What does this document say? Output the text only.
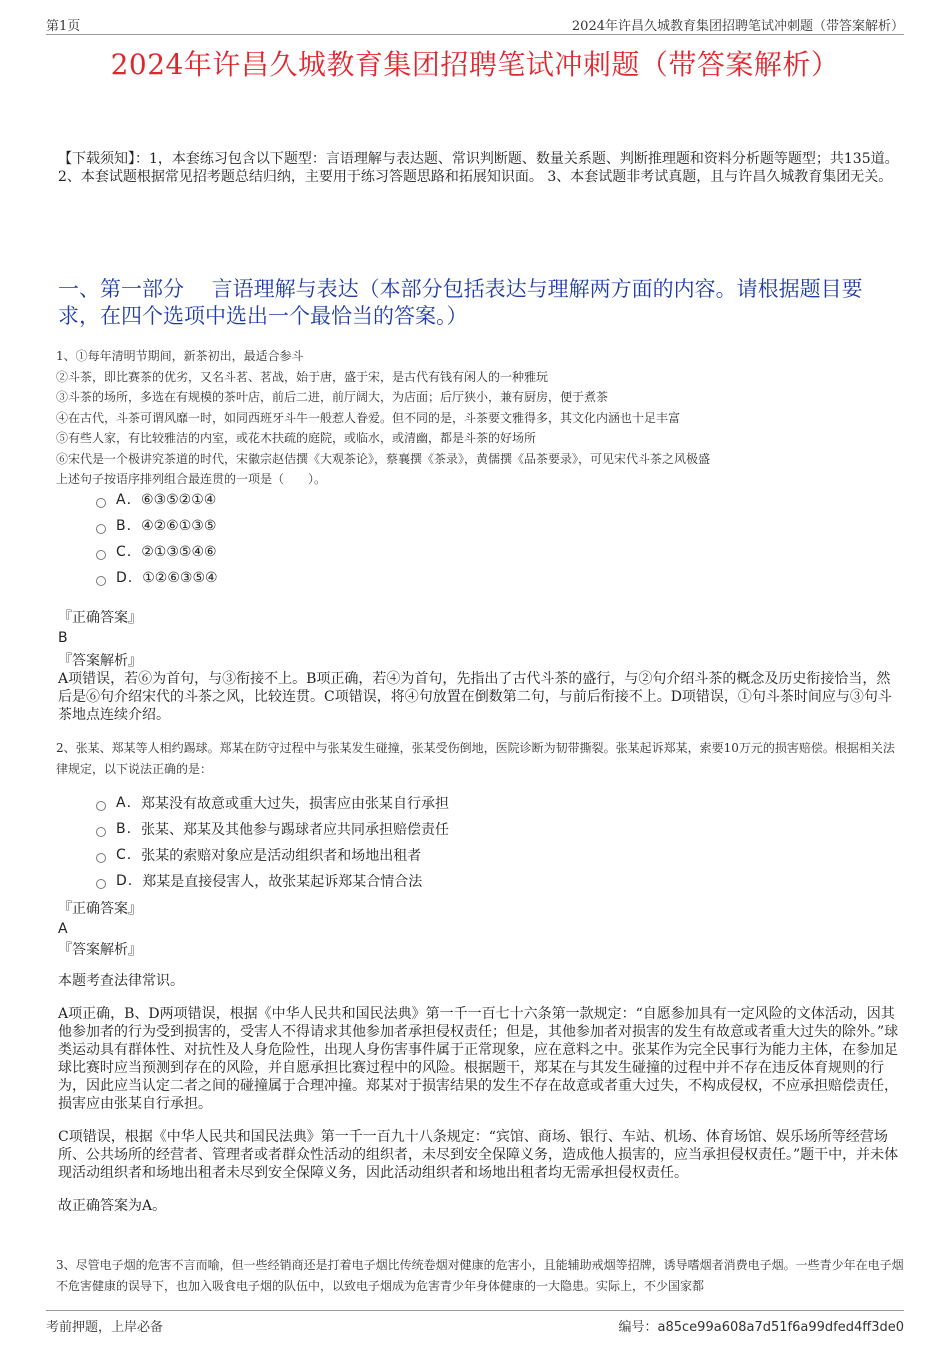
第1页	2024年许昌久城教育集团招聘笔试冲刺题（带答案解析）
2024年许昌久城教育集团招聘笔试冲刺题（带答案解析）
【下载须知】：1，本套练习包含以下题型：言语理解与表达题、常识判断题、数量关系题、判断推理题和资料分析题等题型；共135道。 2、本套试题根据常见招考题总结归纳，主要用于练习答题思路和拓展知识面。 3、本套试题非考试真题，且与许昌久城教育集团无关。
一、第一部分　 言语理解与表达（本部分包括表达与理解两方面的内容。请根据题目要求，在四个选项中选出一个最恰当的答案。）
1、①每年清明节期间，新茶初出，最适合参斗
②斗茶，即比赛茶的优劣，又名斗茗、茗战，始于唐，盛于宋，是古代有钱有闲人的一种雅玩
③斗茶的场所，多选在有规模的茶叶店，前后二进，前厅阔大，为店面；后厅狭小，兼有厨房，便于煮茶
④在古代，斗茶可谓风靡一时，如同西班牙斗牛一般惹人眷爱。但不同的是，斗茶要文雅得多，其文化内涵也十足丰富
⑤有些人家，有比较雅洁的内室，或花木扶疏的庭院，或临水，或清幽，都是斗茶的好场所
⑥宋代是一个极讲究茶道的时代，宋徽宗赵佶撰《大观茶论》，蔡襄撰《茶录》，黄儒撰《品茶要录》，可见宋代斗茶之风极盛
上述句子按语序排列组合最连贯的一项是（　　）。
A . ⑥③⑤②①④
B . ④②⑥①③⑤
C . ②①③⑤④⑥
D . ①②⑥③⑤④
『正确答案』
B
『答案解析』
A项错误，若⑥为首句，与③衔接不上。B项正确，若④为首句，先指出了古代斗茶的盛行，与②句介绍斗茶的概念及历史衔接恰当，然后是⑥句介绍宋代的斗茶之风，比较连贯。C项错误，将④句放置在倒数第二句，与前后衔接不上。D项错误，①句斗茶时间应与③句斗茶地点连续介绍。
2、张某、郑某等人相约踢球。郑某在防守过程中与张某发生碰撞，张某受伤倒地，医院诊断为韧带撕裂。张某起诉郑某，索要10万元的损害赔偿。根据相关法律规定，以下说法正确的是：
A . 郑某没有故意或重大过失，损害应由张某自行承担
B . 张某、郑某及其他参与踢球者应共同承担赔偿责任
C . 张某的索赔对象应是活动组织者和场地出租者
D . 郑某是直接侵害人，故张某起诉郑某合情合法
『正确答案』
A
『答案解析』
本题考查法律常识。
A项正确，B、D两项错误，根据《中华人民共和国民法典》第一千一百七十六条第一款规定：“自愿参加具有一定风险的文体活动，因其他参加者的行为受到损害的，受害人不得请求其他参加者承担侵权责任；但是，其他参加者对损害的发生有故意或者重大过失的除外。”球类运动具有群体性、对抗性及人身危险性，出现人身伤害事件属于正常现象，应在意料之中。张某作为完全民事行为能力主体，在参加足球比赛时应当预测到存在的风险，并自愿承担比赛过程中的风险。根据题干，郑某在与其发生碰撞的过程中并不存在违反体育规则的行为，因此应当认定二者之间的碰撞属于合理冲撞。郑某对于损害结果的发生不存在故意或者重大过失，不构成侵权，不应承担赔偿责任，损害应由张某自行承担。
C项错误，根据《中华人民共和国民法典》第一千一百九十八条规定：“宾馆、商场、银行、车站、机场、体育场馆、娱乐场所等经营场所、公共场所的经营者、管理者或者群众性活动的组织者，未尽到安全保障义务，造成他人损害的，应当承担侵权责任。”题干中，并未体现活动组织者和场地出租者未尽到安全保障义务，因此活动组织者和场地出租者均无需承担侵权责任。
故正确答案为A。
3、尽管电子烟的危害不言而喻，但一些经销商还是打着电子烟比传统卷烟对健康的危害小，且能辅助戒烟等招牌，诱导嗜烟者消费电子烟。一些青少年在电子烟不危害健康的误导下，也加入吸食电子烟的队伍中，以致电子烟成为危害青少年身体健康的一大隐患。实际上，不少国家都
考前押题，上岸必备	编号：a85ce99a608a7d51f6a99dfed4ff3de0
